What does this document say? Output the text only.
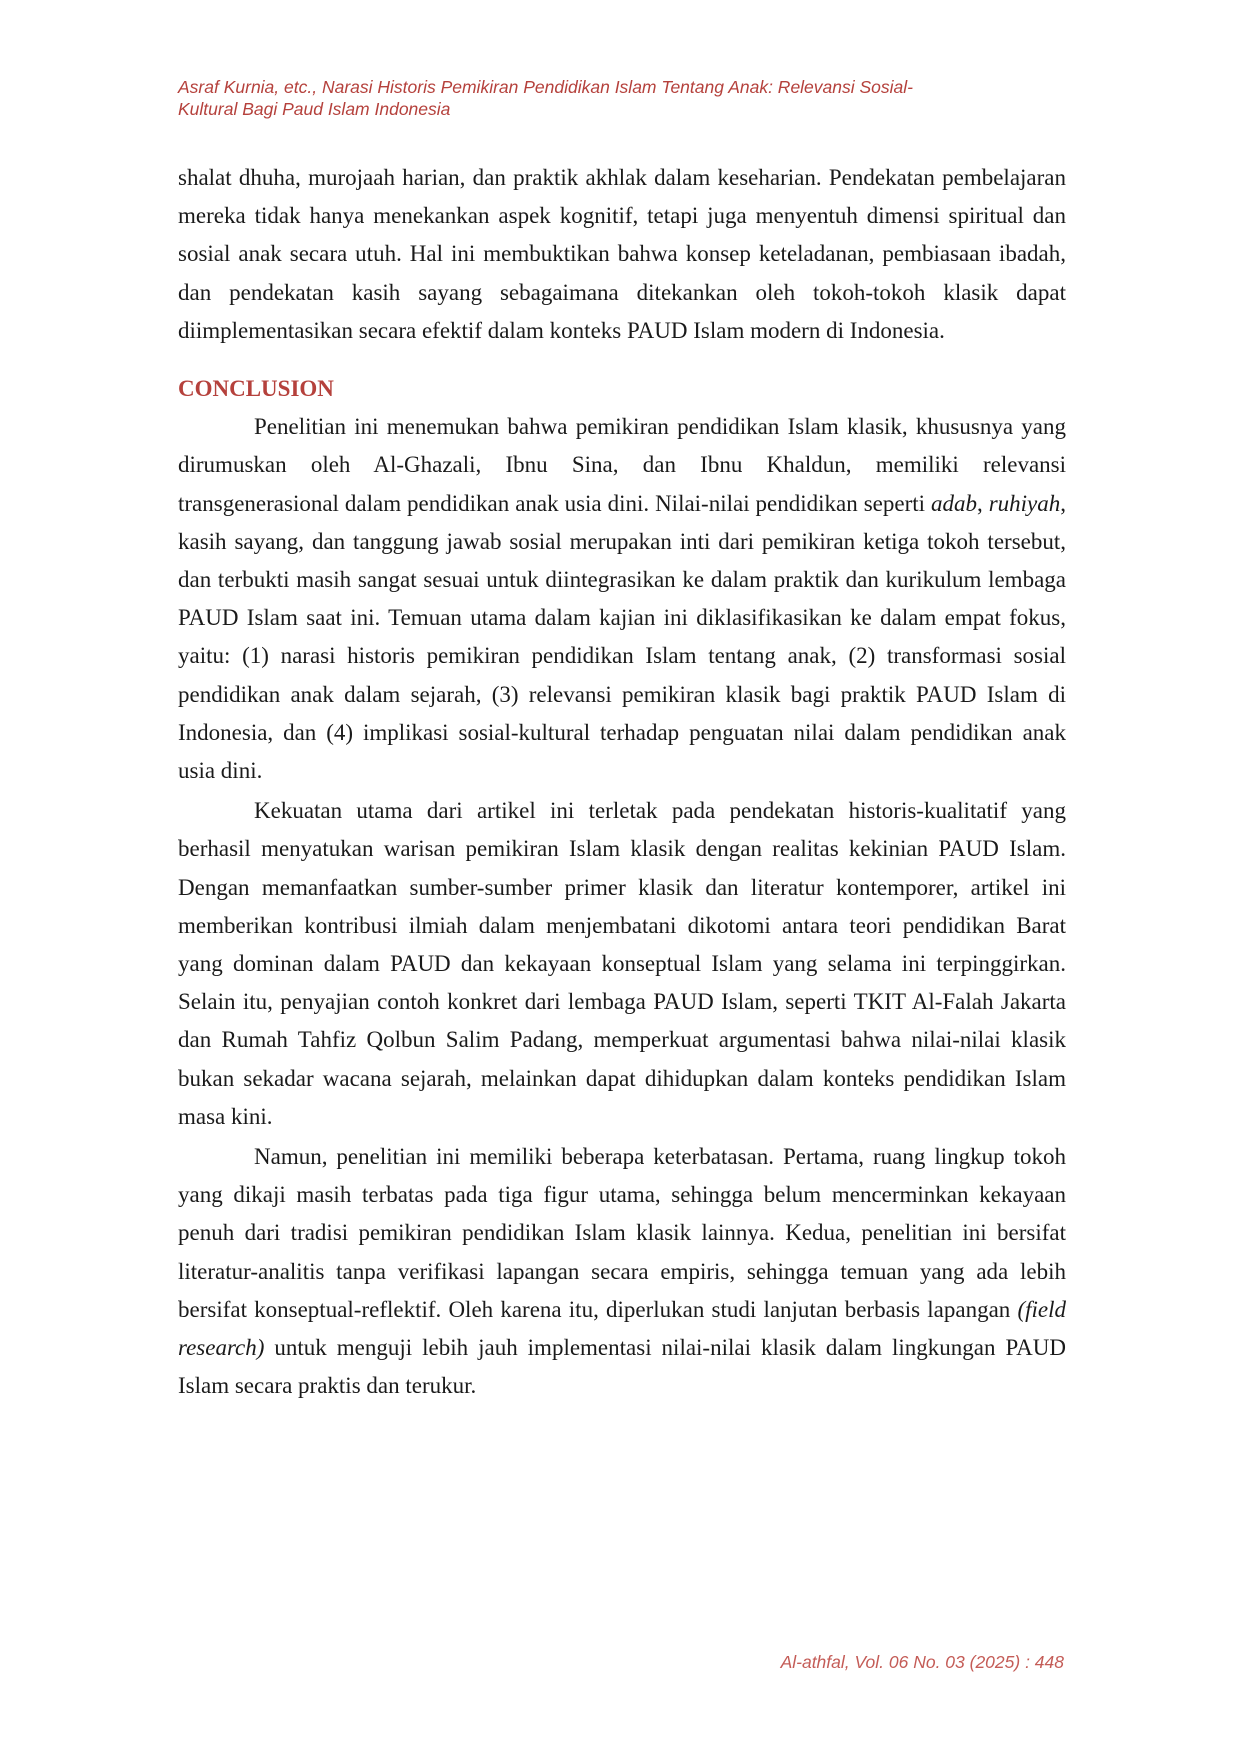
Asraf Kurnia, etc., Narasi Historis Pemikiran Pendidikan Islam Tentang Anak: Relevansi Sosial-
Kultural Bagi Paud Islam Indonesia

shalat dhuha, murojaah harian, dan praktik akhlak dalam keseharian. Pendekatan pembelajaran mereka tidak hanya menekankan aspek kognitif, tetapi juga menyentuh dimensi spiritual dan sosial anak secara utuh. Hal ini membuktikan bahwa konsep keteladanan, pembiasaan ibadah, dan pendekatan kasih sayang sebagaimana ditekankan oleh tokoh-tokoh klasik dapat diimplementasikan secara efektif dalam konteks PAUD Islam modern di Indonesia.

CONCLUSION

Penelitian ini menemukan bahwa pemikiran pendidikan Islam klasik, khususnya yang dirumuskan oleh Al-Ghazali, Ibnu Sina, dan Ibnu Khaldun, memiliki relevansi transgenerasional dalam pendidikan anak usia dini. Nilai-nilai pendidikan seperti adab, ruhiyah, kasih sayang, dan tanggung jawab sosial merupakan inti dari pemikiran ketiga tokoh tersebut, dan terbukti masih sangat sesuai untuk diintegrasikan ke dalam praktik dan kurikulum lembaga PAUD Islam saat ini. Temuan utama dalam kajian ini diklasifikasikan ke dalam empat fokus, yaitu: (1) narasi historis pemikiran pendidikan Islam tentang anak, (2) transformasi sosial pendidikan anak dalam sejarah, (3) relevansi pemikiran klasik bagi praktik PAUD Islam di Indonesia, dan (4) implikasi sosial-kultural terhadap penguatan nilai dalam pendidikan anak usia dini.

Kekuatan utama dari artikel ini terletak pada pendekatan historis-kualitatif yang berhasil menyatukan warisan pemikiran Islam klasik dengan realitas kekinian PAUD Islam. Dengan memanfaatkan sumber-sumber primer klasik dan literatur kontemporer, artikel ini memberikan kontribusi ilmiah dalam menjembatani dikotomi antara teori pendidikan Barat yang dominan dalam PAUD dan kekayaan konseptual Islam yang selama ini terpinggirkan. Selain itu, penyajian contoh konkret dari lembaga PAUD Islam, seperti TKIT Al-Falah Jakarta dan Rumah Tahfiz Qolbun Salim Padang, memperkuat argumentasi bahwa nilai-nilai klasik bukan sekadar wacana sejarah, melainkan dapat dihidupkan dalam konteks pendidikan Islam masa kini.

Namun, penelitian ini memiliki beberapa keterbatasan. Pertama, ruang lingkup tokoh yang dikaji masih terbatas pada tiga figur utama, sehingga belum mencerminkan kekayaan penuh dari tradisi pemikiran pendidikan Islam klasik lainnya. Kedua, penelitian ini bersifat literatur-analitis tanpa verifikasi lapangan secara empiris, sehingga temuan yang ada lebih bersifat konseptual-reflektif. Oleh karena itu, diperlukan studi lanjutan berbasis lapangan (field research) untuk menguji lebih jauh implementasi nilai-nilai klasik dalam lingkungan PAUD Islam secara praktis dan terukur.

Al-athfal, Vol. 06 No. 03 (2025) : 448
